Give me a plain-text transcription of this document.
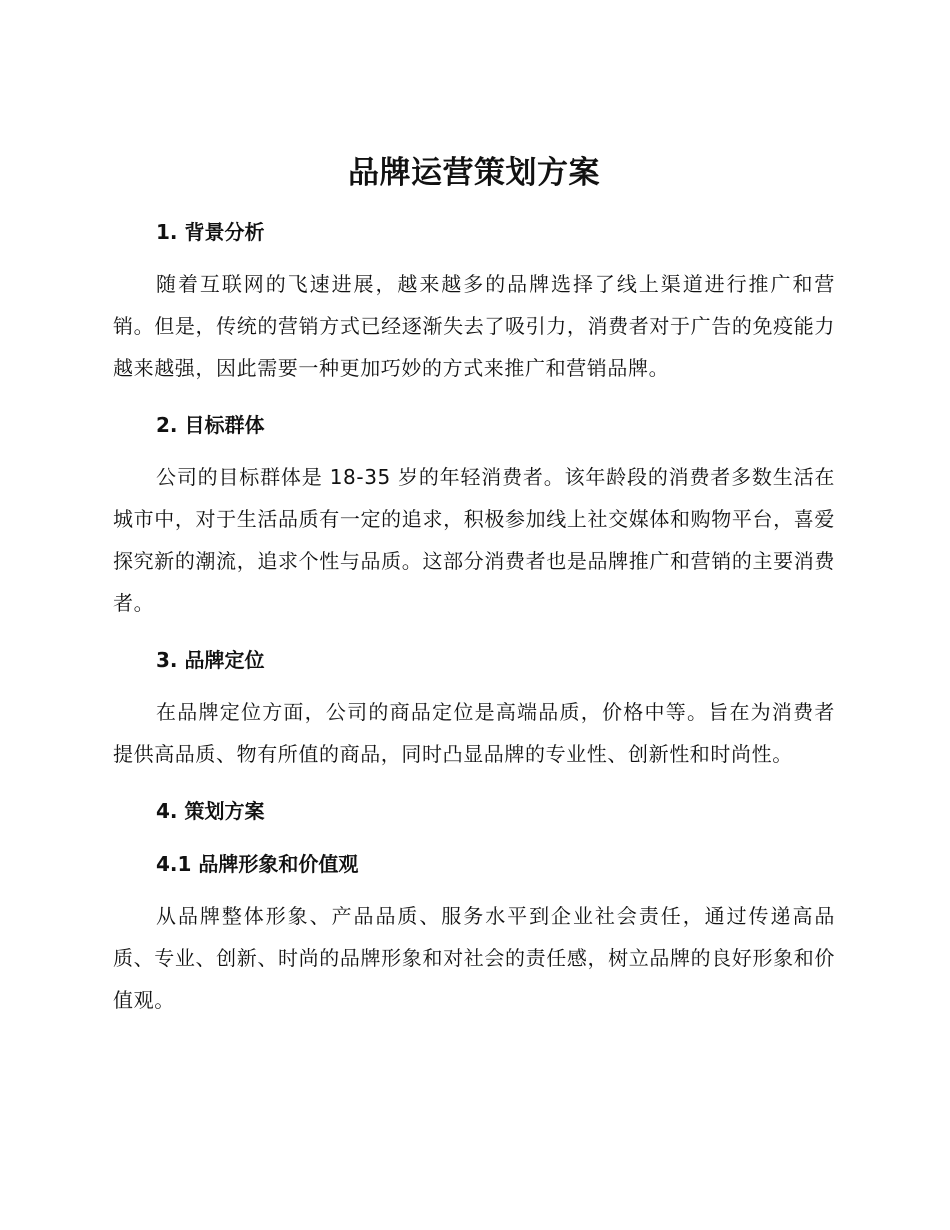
品牌运营策划方案
1. 背景分析

随着互联网的飞速进展，越来越多的品牌选择了线上渠道进行推广和营销。但是，传统的营销方式已经逐渐失去了吸引力，消费者对于广告的免疫能力越来越强，因此需要一种更加巧妙的方式来推广和营销品牌。

2. 目标群体

公司的目标群体是 18-35 岁的年轻消费者。该年龄段的消费者多数生活在城市中，对于生活品质有一定的追求，积极参加线上社交媒体和购物平台，喜爱探究新的潮流，追求个性与品质。这部分消费者也是品牌推广和营销的主要消费者。

3. 品牌定位

在品牌定位方面，公司的商品定位是高端品质，价格中等。旨在为消费者提供高品质、物有所值的商品，同时凸显品牌的专业性、创新性和时尚性。

4. 策划方案
4.1 品牌形象和价值观

从品牌整体形象、产品品质、服务水平到企业社会责任，通过传递高品质、专业、创新、时尚的品牌形象和对社会的责任感，树立品牌的良好形象和价值观。
